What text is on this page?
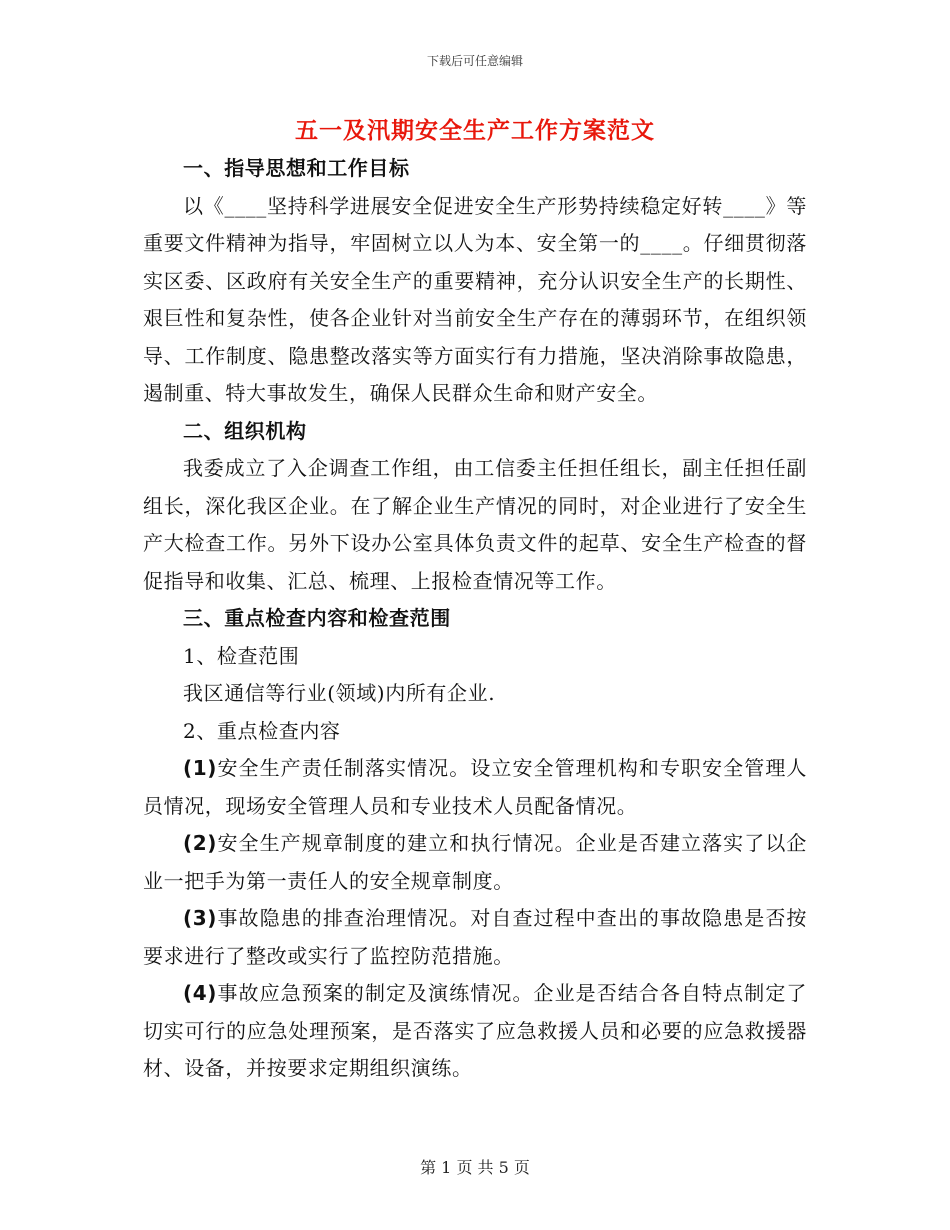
下载后可任意编辑
五一及汛期安全生产工作方案范文

一、指导思想和工作目标

以《____坚持科学进展安全促进安全生产形势持续稳定好转____》等重要文件精神为指导，牢固树立以人为本、安全第一的____。仔细贯彻落实区委、区政府有关安全生产的重要精神，充分认识安全生产的长期性、艰巨性和复杂性，使各企业针对当前安全生产存在的薄弱环节，在组织领导、工作制度、隐患整改落实等方面实行有力措施，坚决消除事故隐患，遏制重、特大事故发生，确保人民群众生命和财产安全。

二、组织机构

我委成立了入企调查工作组，由工信委主任担任组长，副主任担任副组长，深化我区企业。在了解企业生产情况的同时，对企业进行了安全生产大检查工作。另外下设办公室具体负责文件的起草、安全生产检查的督促指导和收集、汇总、梳理、上报检查情况等工作。

三、重点检查内容和检查范围

1、检查范围

我区通信等行业(领域)内所有企业.

2、重点检查内容

(1)安全生产责任制落实情况。设立安全管理机构和专职安全管理人员情况，现场安全管理人员和专业技术人员配备情况。

(2)安全生产规章制度的建立和执行情况。企业是否建立落实了以企业一把手为第一责任人的安全规章制度。

(3)事故隐患的排查治理情况。对自查过程中查出的事故隐患是否按要求进行了整改或实行了监控防范措施。

(4)事故应急预案的制定及演练情况。企业是否结合各自特点制定了切实可行的应急处理预案，是否落实了应急救援人员和必要的应急救援器材、设备，并按要求定期组织演练。

第 1 页 共 5 页
